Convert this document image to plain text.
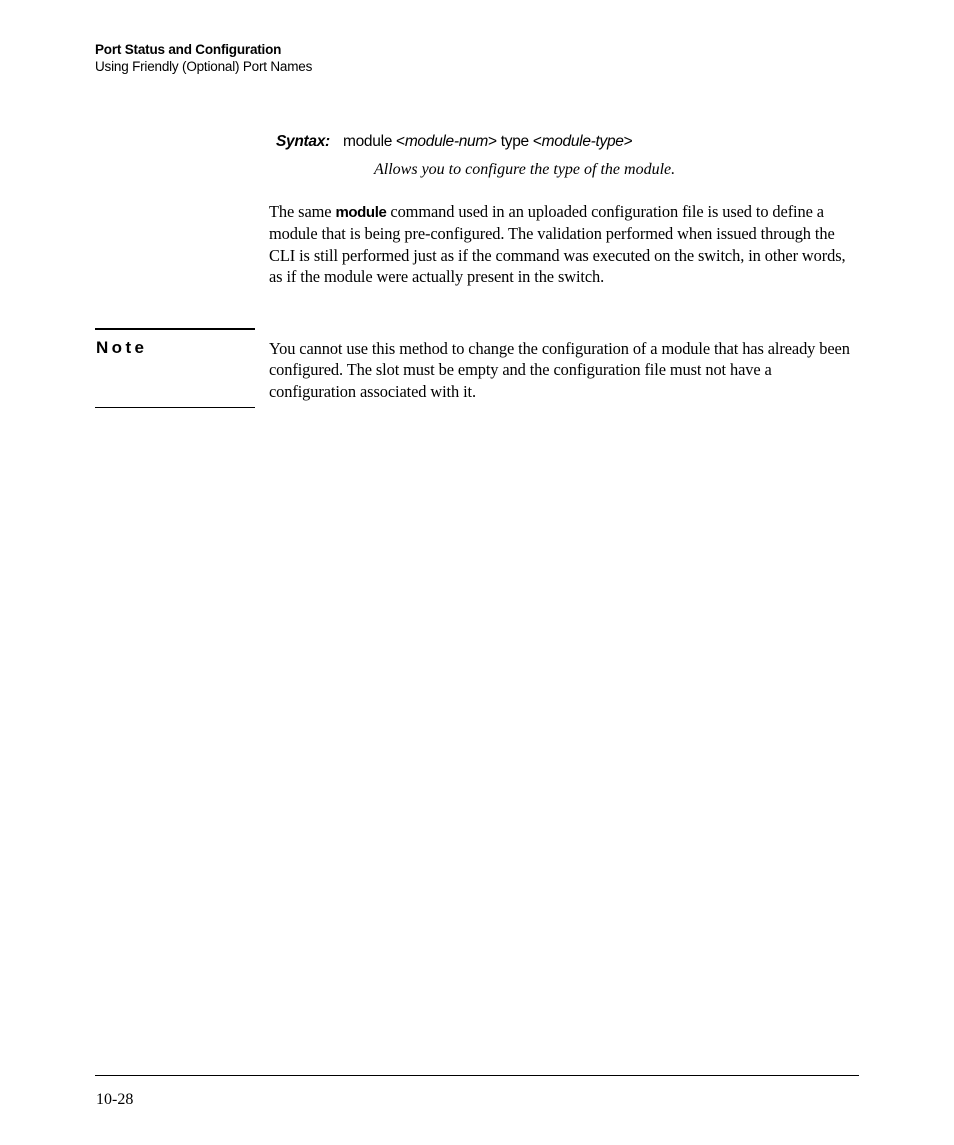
Port Status and Configuration
Using Friendly (Optional) Port Names
Syntax: module <module-num> type <module-type>
Allows you to configure the type of the module.

The same module command used in an uploaded configuration file is used to define a module that is being pre-configured. The validation performed when issued through the CLI is still performed just as if the command was executed on the switch, in other words, as if the module were actually present in the switch.

Note	You cannot use this method to change the configuration of a module that has already been configured. The slot must be empty and the configuration file must not have a configuration associated with it.

10-28
